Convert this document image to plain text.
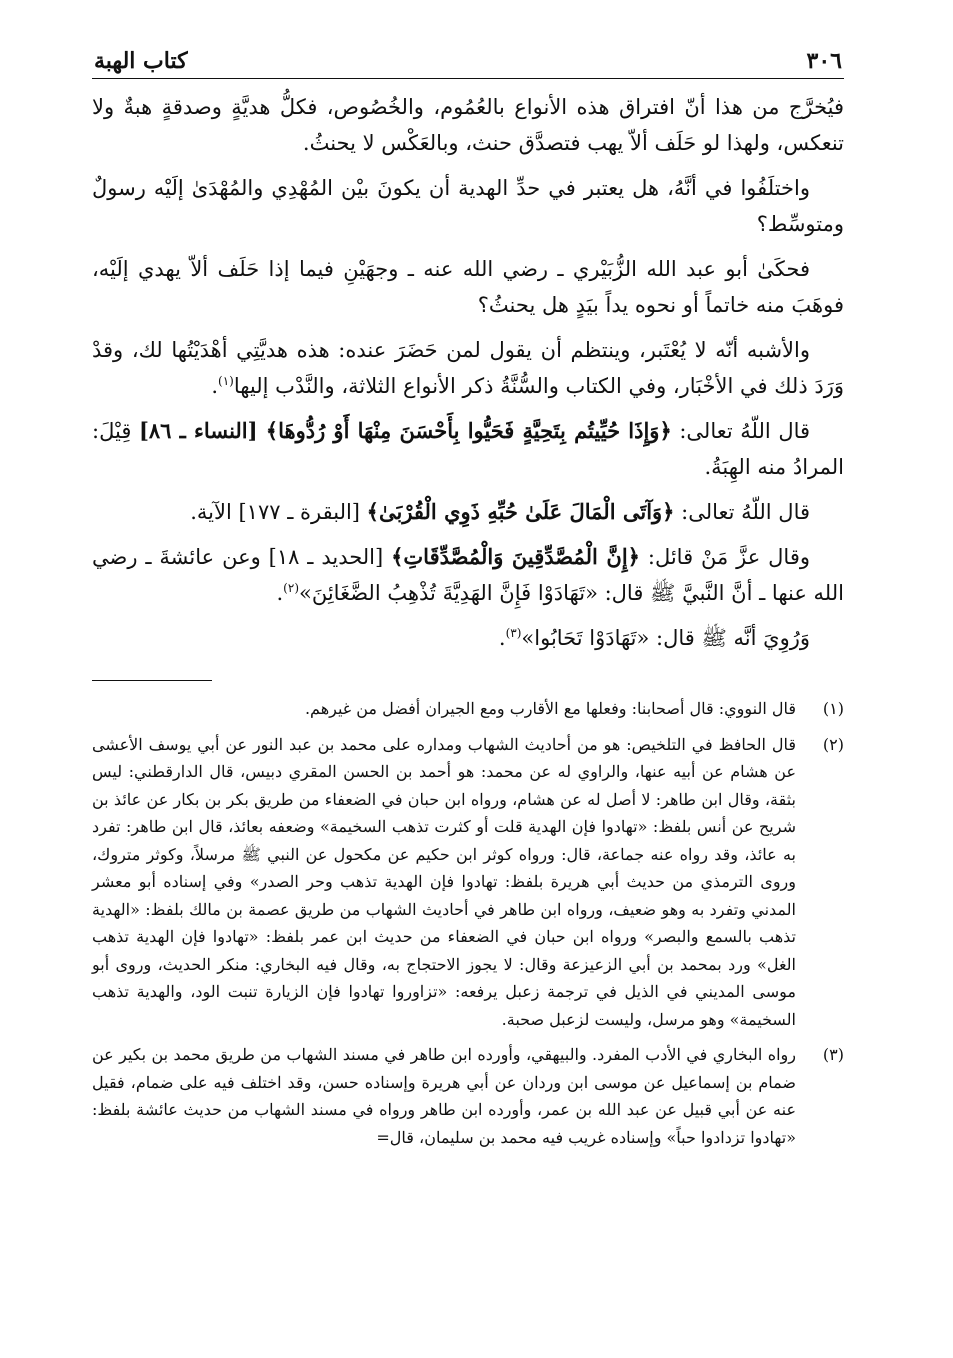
٣٠٦
كتاب الهبة

فيُخرَّج من هذا أنّ افتراق هذه الأنواع بالعُمُوم، والخُصُوص، فكلُّ هديَّةٍ وصدقةٍ هبةٌ ولا تنعكس، ولهذا لو حَلَف ألاّ يهب فتصدَّق حنث، وبالعَكْس لا يحنثُ.

واختلَفُوا في أنَّهُ، هل يعتبر في حدِّ الهدية أن يكونَ بيْن المُهْدِي والمُهْدَىٰ إلَيْه رسولٌ ومتوسِّط؟

فحكَىٰ أبو عبد الله الزُّبَيْري ـ رضي الله عنه ـ وجهَيْنِ فيما إذا حَلَف ألاّ يهدي إلَيْه، فوهَبَ منه خاتماً أو نحوه يداً بيَدٍ هل يحنثُ؟

والأشبه أنّه لا يُعْتَبر، وينتظم أن يقول لمن حَضَرَ عنده: هذه هديَّتِي أهْدَيْتُها لك، وقدْ وَرَدَ ذلك في الأخْبَار، وفي الكتاب والسُّنَّةُ ذكر الأنواع الثلاثة، والنَّدْب إليها$^{(١)}$.

قال اللّهُ تعالى: ﴿وَإِذَا حُيِّيتُم بِتَحِيَّةٍ فَحَيُّوا بِأَحْسَنَ مِنْهَا أَوْ رُدُّوهَا﴾ [النساء ـ ٨٦] قِيْلَ: المرادُ منه الهِبَةُ.

قال اللّهُ تعالى: ﴿وَآتَى الْمَالَ عَلَىٰ حُبِّهِ ذَوِي الْقُرْبَىٰ﴾ [البقرة ـ ١٧٧] الآية.

وقال عزَّ مَنْ قائل: ﴿إِنَّ الْمُصَّدِّقِينَ وَالْمُصَّدِّقَاتِ﴾ [الحديد ـ ١٨] وعن عائشةَ ـ رضي الله عنها ـ أنَّ النَّبيَّ ﷺ قال: «تَهَادَوْا فَإِنَّ الهَدِيَّةَ تُذْهِبُ الضَّغَائِنَ»$^{(٢)}$.

وَرُوِيَ أنَّه ﷺ قال: «تَهَادَوْا تَحَابُوا»$^{(٣)}$.

(١)
قال النووي: قال أصحابنا: وفعلها مع الأقارب ومع الجيران أفضل من غيرهم.
(٢)
قال الحافظ في التلخيص: هو من أحاديث الشهاب ومداره على محمد بن عبد النور عن أبي يوسف الأعشى عن هشام عن أبيه عنها، والراوي له عن محمد: هو أحمد بن الحسن المقري دبيس، قال الدارقطني: ليس بثقة، وقال ابن طاهر: لا أصل له عن هشام، ورواه ابن حبان في الضعفاء من طريق بكر بن بكار عن عائذ بن شريح عن أنس بلفظ: «تهادوا فإن الهدية قلت أو كثرت تذهب السخيمة» وضعفه بعائذ، قال ابن طاهر: تفرد به عائذ، وقد رواه عنه جماعة، قال: ورواه كوثر ابن حكيم عن مكحول عن النبي ﷺ مرسلاً، وكوثر متروك، وروى الترمذي من حديث أبي هريرة بلفظ: تهادوا فإن الهدية تذهب وحر الصدر» وفي إسناده أبو معشر المدني وتفرد به وهو ضعيف، ورواه ابن طاهر في أحاديث الشهاب من طريق عصمة بن مالك بلفظ: «الهدية تذهب بالسمع والبصر» ورواه ابن حبان في الضعفاء من حديث ابن عمر بلفظ: «تهادوا فإن الهدية تذهب الغل» ورد بمحمد بن أبي الزعيزعة وقال: لا يجوز الاحتجاج به، وقال فيه البخاري: منكر الحديث، وروى أبو موسى المديني في الذيل في ترجمة زعبل يرفعه: «تزاوروا تهادوا فإن الزيارة تنبت الود، والهدية تذهب السخيمة» وهو مرسل، وليست لزعبل صحبة.
(٣)
رواه البخاري في الأدب المفرد. والبيهقي، وأورده ابن طاهر في مسند الشهاب من طريق محمد بن بكير عن ضمام بن إسماعيل عن موسى ابن وردان عن أبي هريرة وإسناده حسن، وقد اختلف فيه على ضمام، فقيل عنه عن أبي قبيل عن عبد الله بن عمر، وأورده ابن طاهر ورواه في مسند الشهاب من حديث عائشة بلفظ: «تهادوا تزدادوا حباً» وإسناده غريب فيه محمد بن سليمان، قال=
